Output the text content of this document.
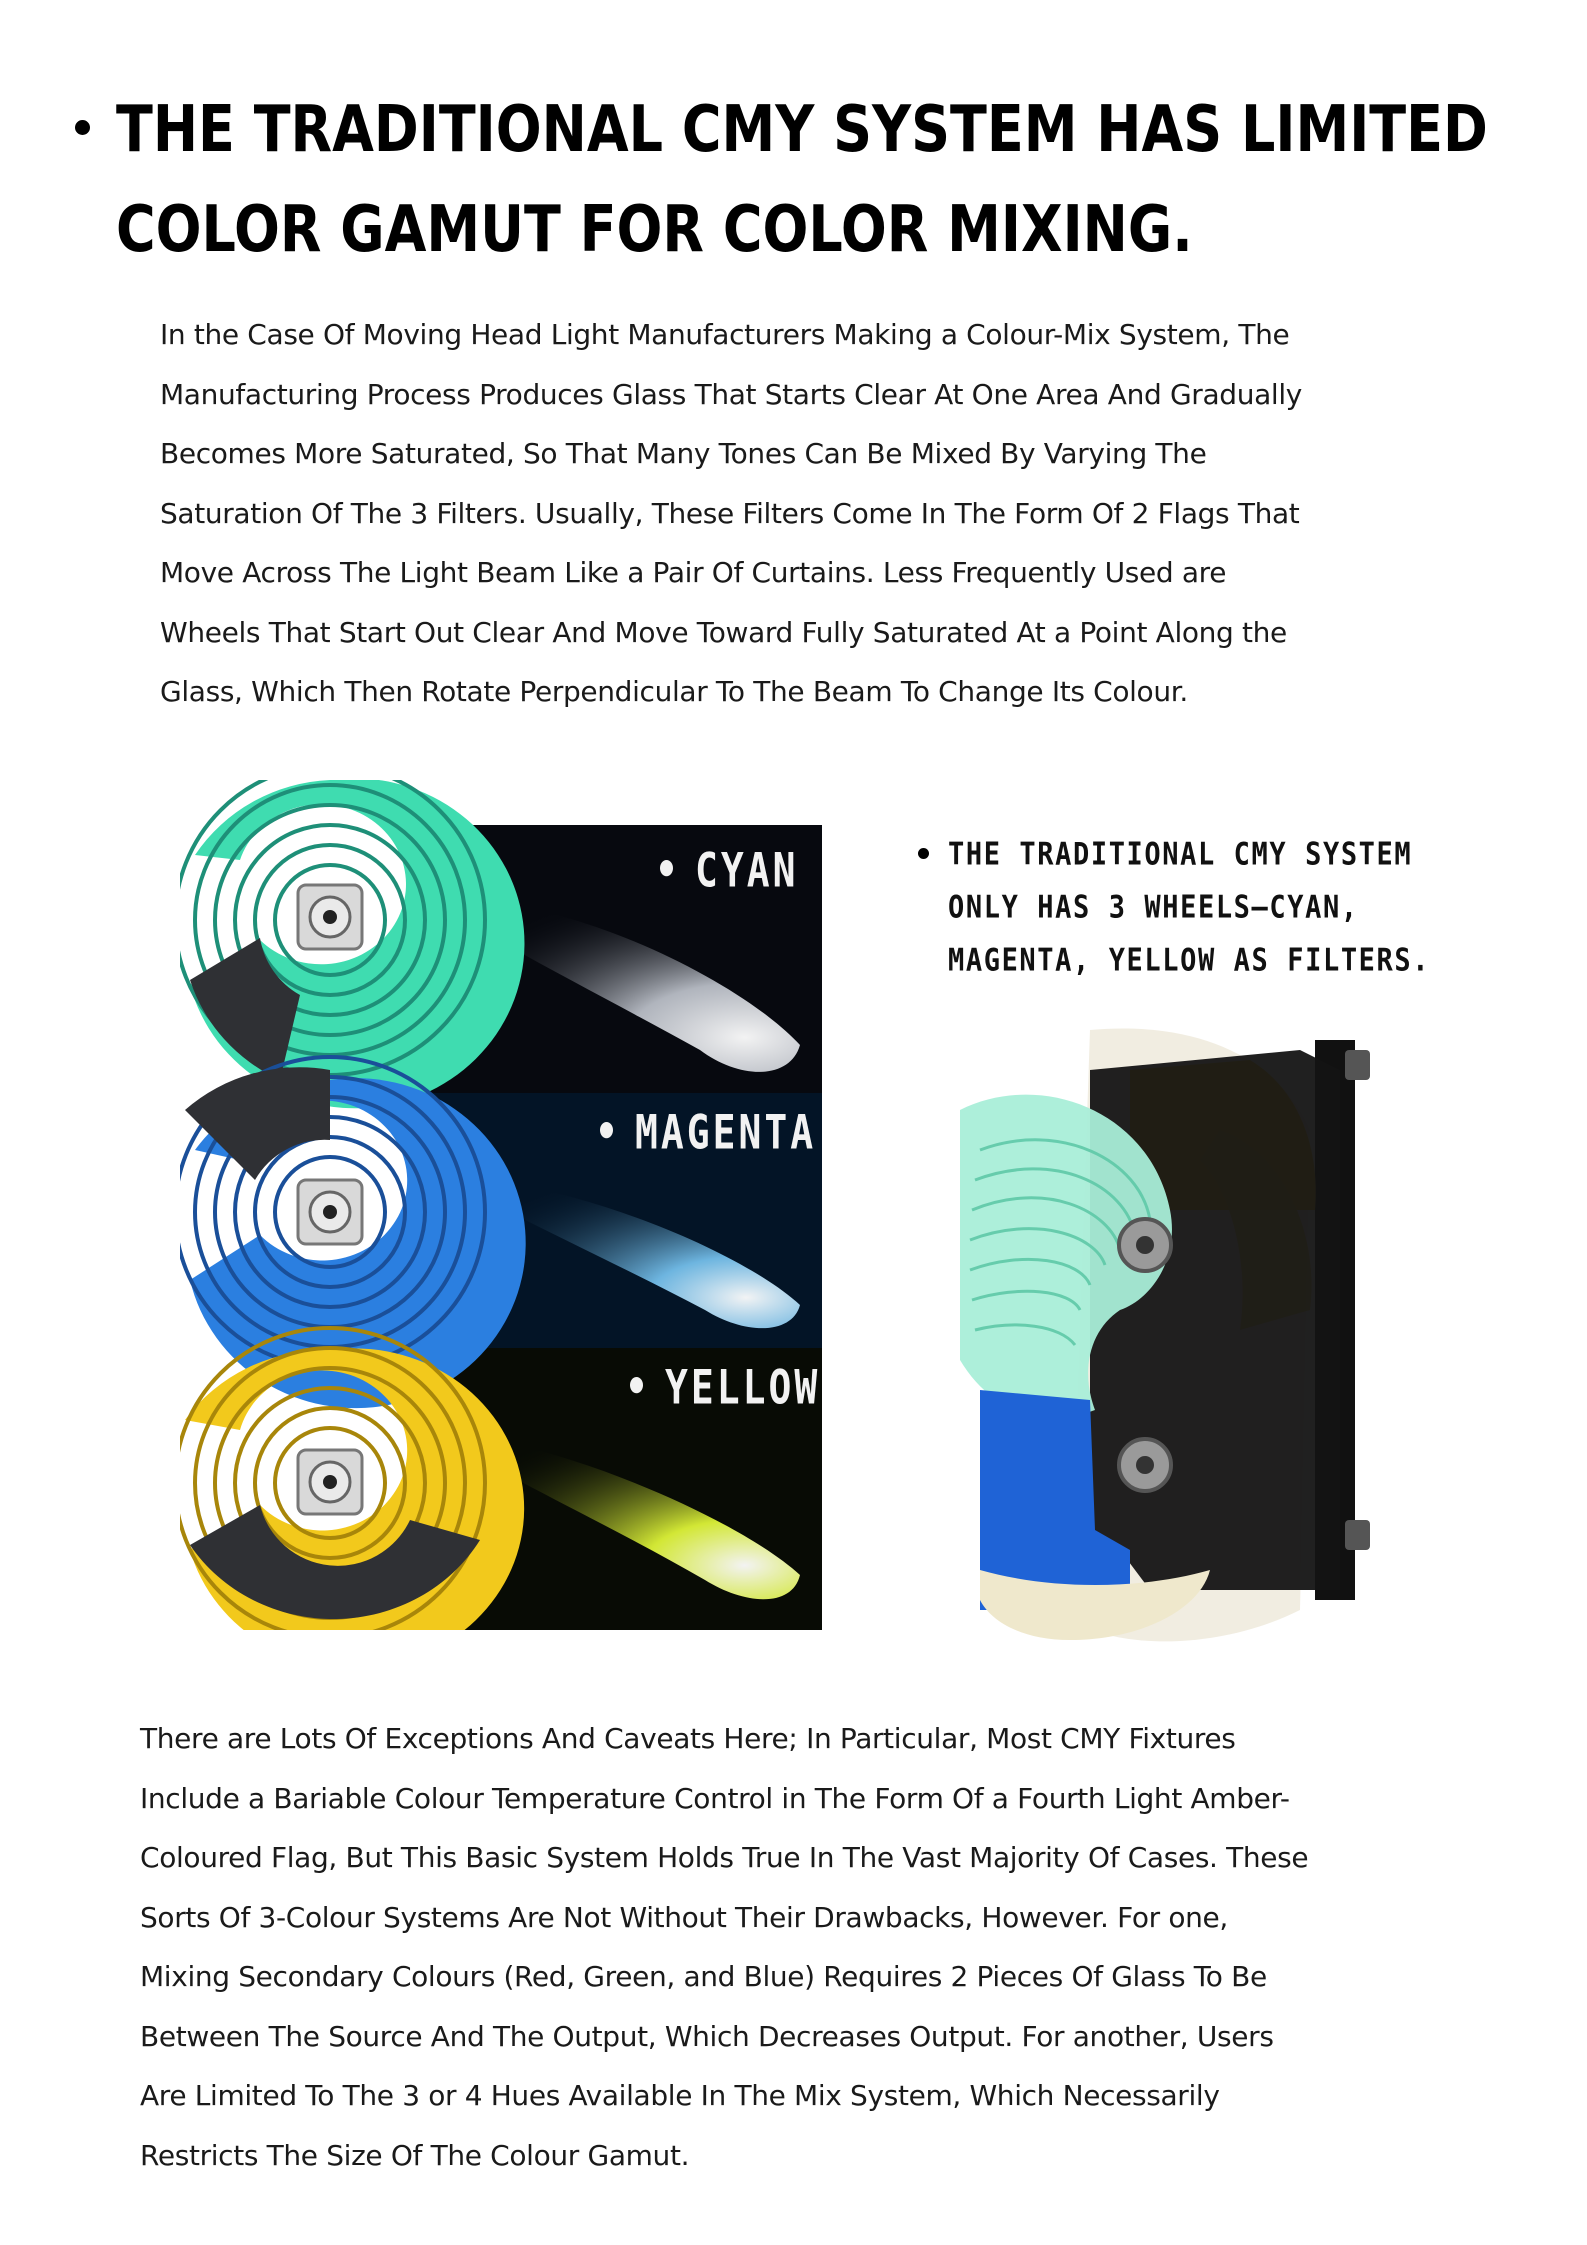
THE TRADITIONAL CMY SYSTEM HAS LIMITED
COLOR GAMUT FOR COLOR MIXING.
In the Case Of Moving Head Light Manufacturers Making a Colour-Mix System, The
Manufacturing Process Produces Glass That Starts Clear At One Area And Gradually
Becomes More Saturated, So That Many Tones Can Be Mixed By Varying The
Saturation Of The 3 Filters. Usually, These Filters Come In The Form Of 2 Flags That
Move Across The Light Beam Like a Pair Of Curtains. Less Frequently Used are
Wheels That Start Out Clear And Move Toward Fully Saturated At a Point Along the
Glass, Which Then Rotate Perpendicular To The Beam To Change Its Colour.
CYAN
MAGENTA
YELLOW
THE TRADITIONAL CMY SYSTEM
ONLY HAS 3 WHEELS—CYAN,
MAGENTA, YELLOW AS FILTERS.
There are Lots Of Exceptions And Caveats Here; In Particular, Most CMY Fixtures
Include a Bariable Colour Temperature Control in The Form Of a Fourth Light Amber-
Coloured Flag, But This Basic System Holds True In The Vast Majority Of Cases. These
Sorts Of 3-Colour Systems Are Not Without Their Drawbacks, However. For one,
Mixing Secondary Colours (Red, Green, and Blue) Requires 2 Pieces Of Glass To Be
Between The Source And The Output, Which Decreases Output. For another, Users
Are Limited To The 3 or 4 Hues Available In The Mix System, Which Necessarily
Restricts The Size Of The Colour Gamut.
